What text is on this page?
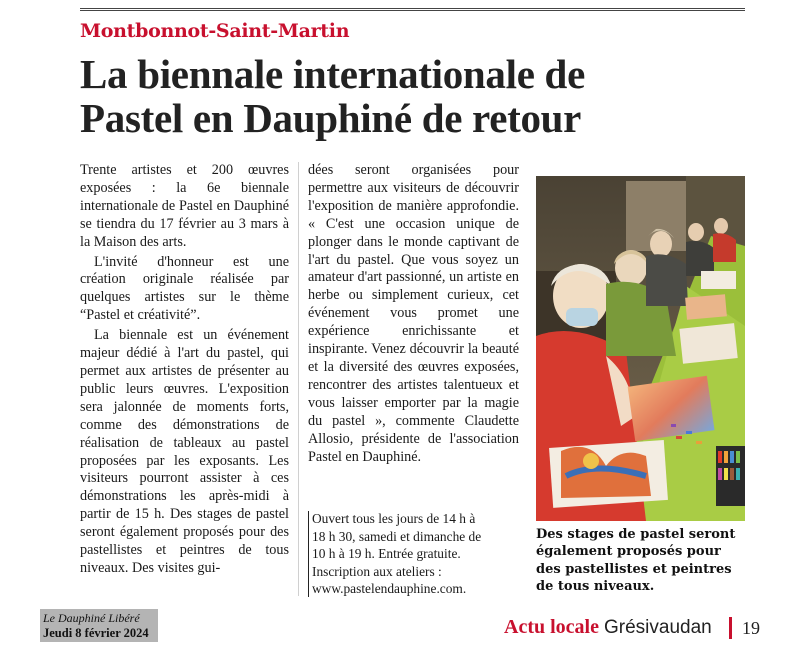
Montbonnot-Saint-Martin
La biennale internationale de
Pastel en Dauphiné de retour

Trente artistes et 200 œuvres exposées : la 6e biennale internationale de Pastel en Dauphiné se tiendra du 17 février au 3 mars à la Maison des arts.

L'invité d'honneur est une création originale réalisée par quelques artistes sur le thème “Pastel et créativité”.

La biennale est un événement majeur dédié à l'art du pastel, qui permet aux artistes de présenter au public leurs œuvres. L'exposition sera jalonnée de moments forts, comme des démonstrations de réalisation de tableaux au pastel proposées par les exposants. Les visiteurs pourront assister à ces démonstrations les après-midi à partir de 15 h. Des stages de pastel seront également proposés pour des pastellistes et peintres de tous niveaux. Des visites gui-

dées seront organisées pour permettre aux visiteurs de découvrir l'exposition de manière approfondie. « C'est une occasion unique de plonger dans le monde captivant de l'art du pastel. Que vous soyez un amateur d'art passionné, un artiste en herbe ou simplement curieux, cet événement vous promet une expérience enrichissante et inspirante. Venez découvrir la beauté et la diversité des œuvres exposées, rencontrer des artistes talentueux et vous laisser emporter par la magie du pastel », commente Claudette Allosio, présidente de l'association Pastel en Dauphiné.

Ouvert tous les jours de 14 h à
18 h 30, samedi et dimanche de
10 h à 19 h. Entrée gratuite.
Inscription aux ateliers :
www.pastelendauphine.com.
Des stages de pastel seront également proposés pour des pastellistes et peintres de tous niveaux.
Le Dauphiné Libéré
Jeudi 8 février 2024	Actu locale Grésivaudan 19
